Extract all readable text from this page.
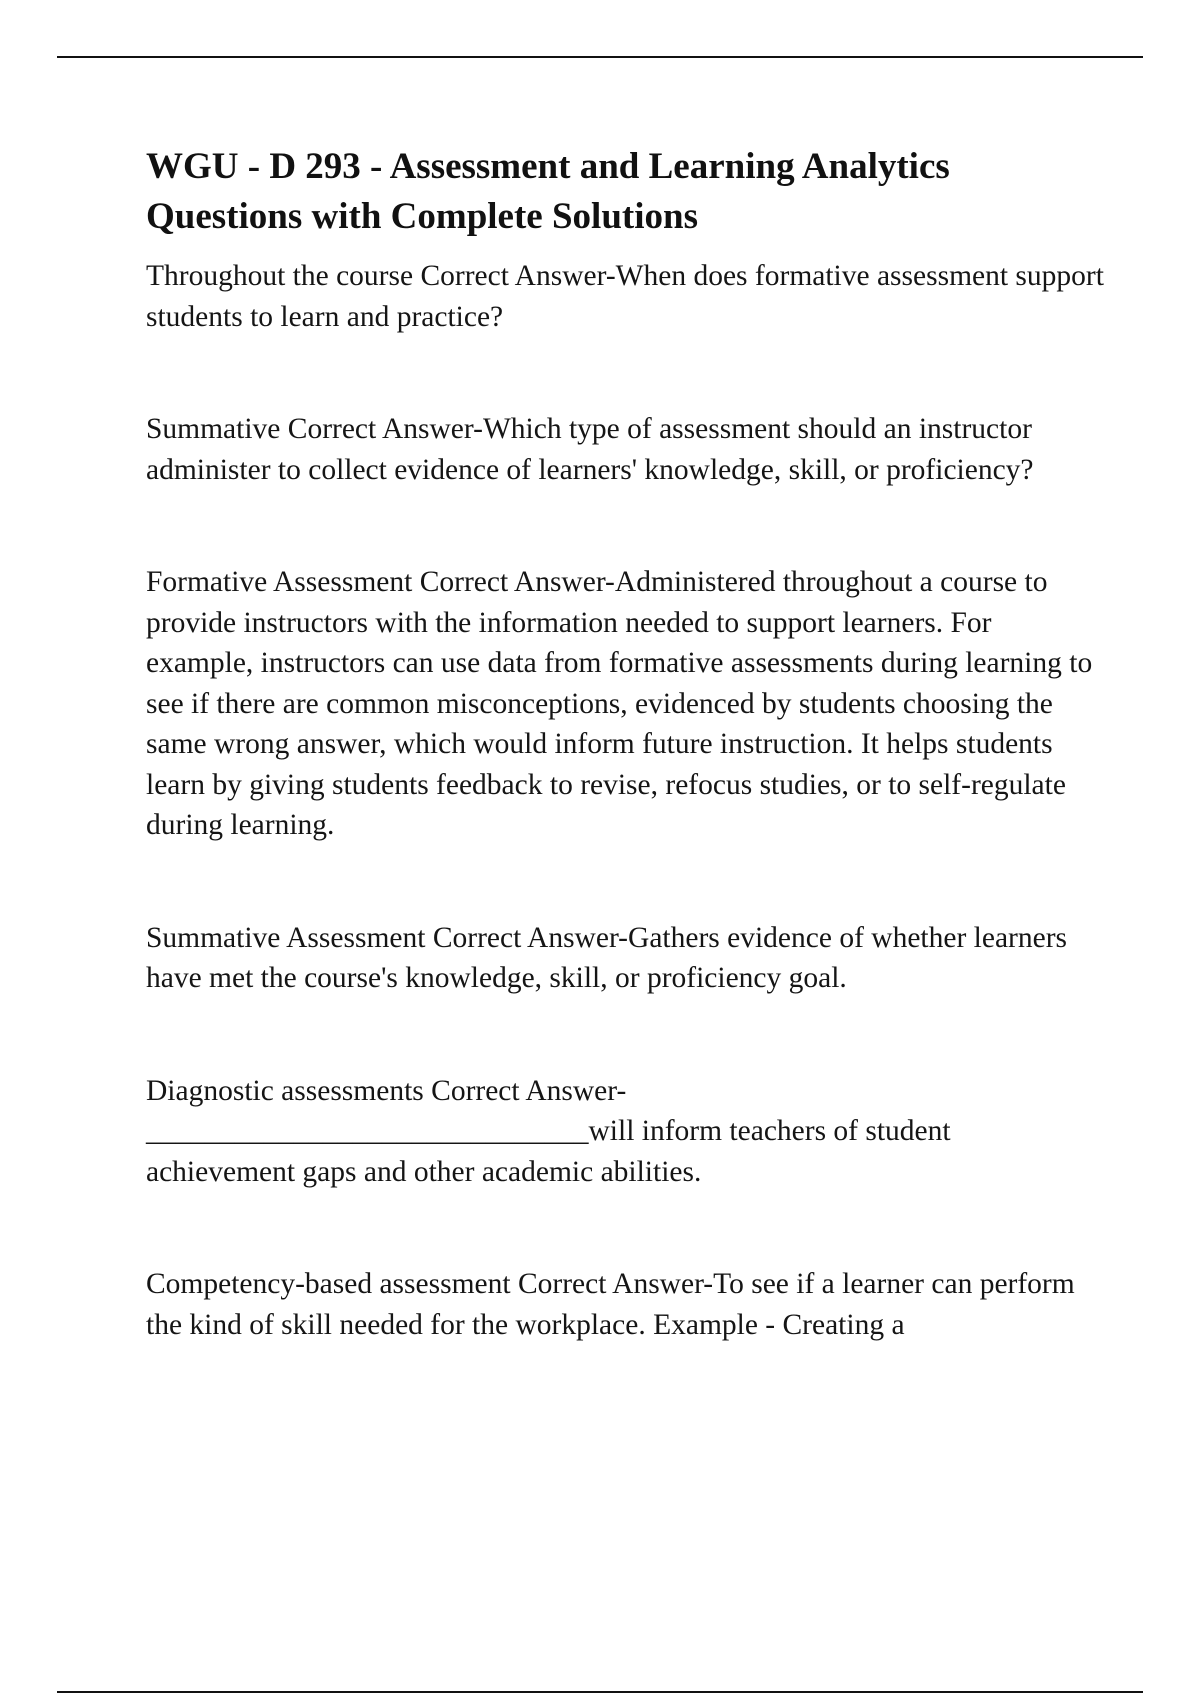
WGU - D 293 - Assessment and Learning Analytics Questions with Complete Solutions
Throughout the course Correct Answer-When does formative assessment support students to learn and practice?
Summative Correct Answer-Which type of assessment should an instructor administer to collect evidence of learners' knowledge, skill, or proficiency?
Formative Assessment Correct Answer-Administered throughout a course to provide instructors with the information needed to support learners. For example, instructors can use data from formative assessments during learning to see if there are common misconceptions, evidenced by students choosing the same wrong answer, which would inform future instruction. It helps students learn by giving students feedback to revise, refocus studies, or to self-regulate during learning.
Summative Assessment Correct Answer-Gathers evidence of whether learners have met the course's knowledge, skill, or proficiency goal.
Diagnostic assessments Correct Answer-______________________________will inform teachers of student achievement gaps and other academic abilities.
Competency-based assessment Correct Answer-To see if a learner can perform the kind of skill needed for the workplace. Example - Creating a
